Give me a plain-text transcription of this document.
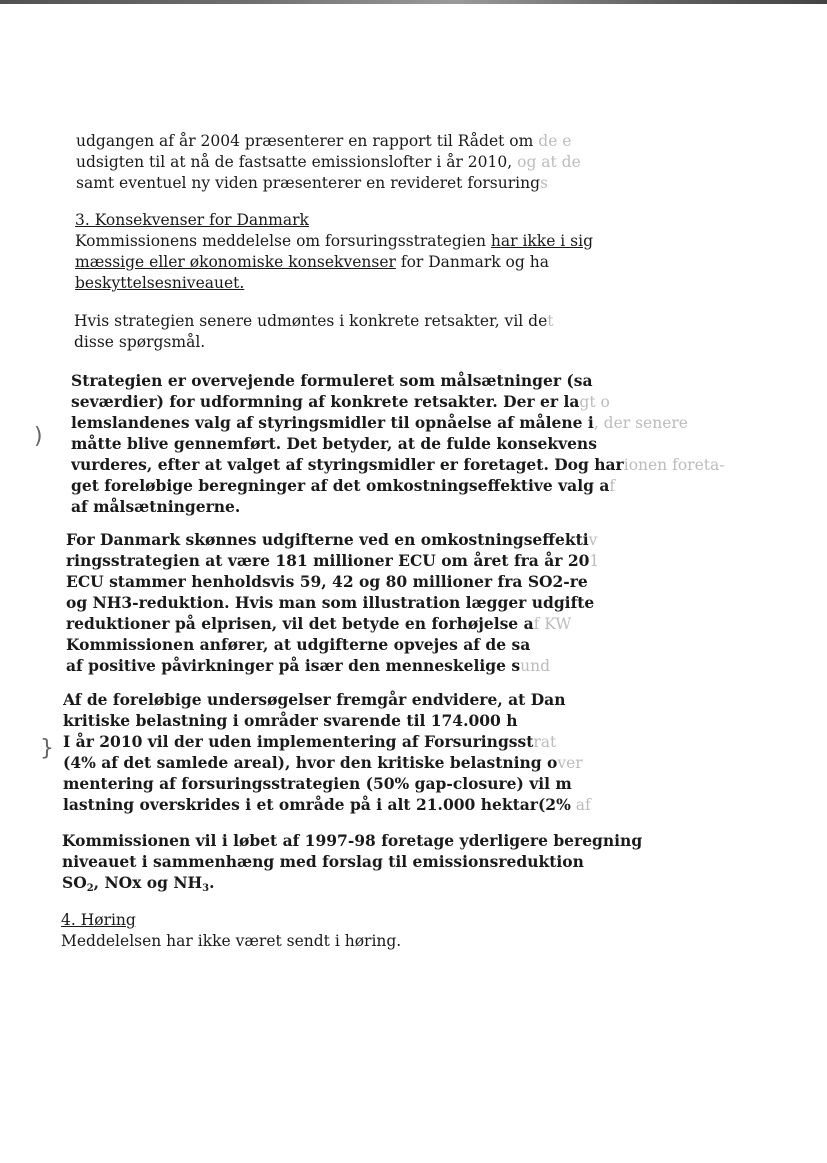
)
}
udgangen af år 2004 præsenterer en rapport til Rådet om de e
udsigten til at nå de fastsatte emissionslofter i år 2010, og at de
samt eventuel ny viden præsenterer en revideret forsurings
3. Konsekvenser for Danmark
Kommissionens meddelelse om forsuringsstrategien har ikke i sig
mæssige eller økonomiske konsekvenser for Danmark og ha
beskyttelsesniveauet.
Hvis strategien senere udmøntes i konkrete retsakter, vil det
disse spørgsmål.
Strategien er overvejende formuleret som målsætninger (sa
seværdier) for udformning af konkrete retsakter. Der er lagt o
lemslandenes valg af styringsmidler til opnåelse af målene i, der senere
måtte blive gennemført. Det betyder, at de fulde konsekvens
vurderes, efter at valget af styringsmidler er foretaget. Dog harionen foreta-
get foreløbige beregninger af det omkostningseffektive valg af
af målsætningerne.
For Danmark skønnes udgifterne ved en omkostningseffektiv
ringsstrategien at være 181 millioner ECU om året fra år 201
ECU stammer henholdsvis 59, 42 og 80 millioner fra SO2-re
og NH3-reduktion. Hvis man som illustration lægger udgifte
reduktioner på elprisen, vil det betyde en forhøjelse af KW
Kommissionen anfører, at udgifterne opvejes af de sa
af positive påvirkninger på især den menneskelige sund
Af de foreløbige undersøgelser fremgår endvidere, at Dan
kritiske belastning i områder svarende til 174.000 h
I år 2010 vil der uden implementering af Forsuringsstrat
(4% af det samlede areal), hvor den kritiske belastning over
mentering af forsuringsstrategien (50% gap-closure) vil m
lastning overskrides i et område på i alt 21.000 hektar(2% af
Kommissionen vil i løbet af 1997-98 foretage yderligere beregning
niveauet i sammenhæng med forslag til emissionsreduktion
$SO_2$, NOx og $NH_3$.
4. Høring
Meddelelsen har ikke været sendt i høring.
